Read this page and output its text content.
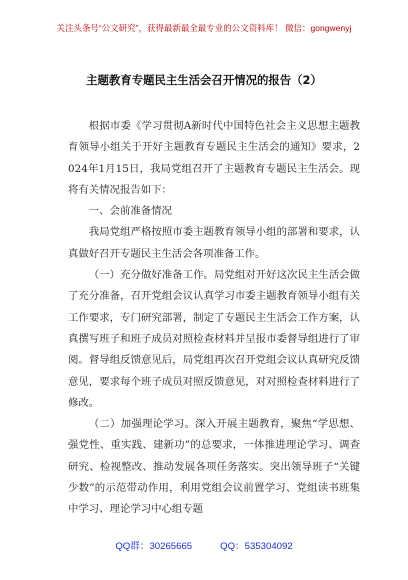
关注头条号“公文研究”，获得最新最全最专业的公文资料库！ 微信：gongwenyj
主题教育专题民主生活会召开情况的报告（2）

根据市委《学习贯彻A新时代中国特色社会主义思想主题教育领导小组关于开好主题教育专题民主生活会的通知》要求，2024年1月15日，我局党组召开了主题教育专题民主生活会。现将有关情况报告如下：

一、会前准备情况

我局党组严格按照市委主题教育领导小组的部署和要求，认真做好召开专题民主生活会各项准备工作。

（一）充分做好准备工作。局党组对开好这次民主生活会做了充分准备，召开党组会议认真学习市委主题教育领导小组有关工作要求，专门研究部署，制定了专题民主生活会工作方案，认真撰写班子和班子成员对照检查材料并呈报市委督导组进行了审阅。督导组反馈意见后，局党组再次召开党组会议认真研究反馈意见，要求每个班子成员对照反馈意见，对对照检查材料进行了修改。

（二）加强理论学习。深入开展主题教育，聚焦“学思想、强党性、重实践、建新功”的总要求，一体推进理论学习、调查研究、检视整改、推动发展各项任务落实。突出领导班子“关键少数”的示范带动作用，利用党组会议前置学习、党组读书班集中学习、理论学习中心组专题

QQ群：30265665	QQ：535304092
